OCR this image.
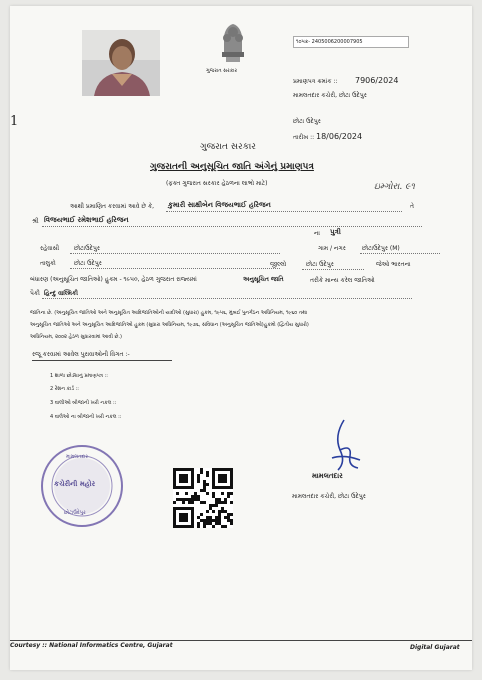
ગુજરાત સરકાર
૧૦૫ક્ર- 2405006200007905
પ્રમાણપત્ર ક્રમાંક :: 7906/2024
મામલતદાર કચેરી, છોટા ઉદેપુર
છોટા ઉદેપુર
તારીખ :: 18/06/2024
1
ગુજરાત સરકાર
ગુજરાતની અનુસૂચિત જાતિ અંગેનું પ્રમાણપત્ર
(ફક્ત ગુજરાત સરકાર હેઠળના લાભો માટે)	ઇમ્ગોરા. ૯૧
આથી પ્રમાણિત કરવામાં આવે છે કે, કુમારી સાક્ષીબેન વિજયભાઈ હરિજન	તે
શ્રી વિજયભાઈ રમેશભાઈ હરિજન
ના પુત્રી
રહેવાસી છોટાઉદેપુર	ગામ / નગર	છોટાઉદેપુર (M)
તાલુકો	છોટા ઉદેપુર	જીલ્લો	છોટા ઉદેપુર	જેઓ ભારતના
બંધારણ (અનુસૂચિત જાતિઓ) હુકમ - ૧૯૫૦, હેઠળ ગુજરાત રાજ્યમાં	અનુસૂચિત જાતિ	તરીકે માન્ય કરેલ જાતિઓ
પૈકી હિન્દુ વાલ્મિકી
જાતિના છે. (અનુસૂચિત જાતિઓ અને અનુસૂચિત આદિજાતિઓની યાદીઓ (સુધારા) હુકમ, ૧૯૫૬, મુંબઈ પુનર્ગઠન અધિનિયમ, ૧૯૬૦ તથા
અનુસૂચિત જાતિઓ અને અનુસૂચિત આદિજાતિઓ હુકમ (સુધારા અધિનિયમ, ૧૯૭૬, સંવિધાન (અનુસૂચિત જાતિઓ)હુકમો (દ્વિતીય સુધારો)
અધિનિયમ, ૨૦૦૨ હેઠળ સુધારવામાં આવી છે.)
રજૂ કરવામાં આવેલ પુરાવાઓની વિગત :-
1 શાળા છોડ્યાનું પ્રમાણપત્ર ::
2 રેશન કાર્ડ ::
3 વાલીઓ બીજાની ખરી નકલ ::
4 વાલેઓ ના બીજાની ખરી નકલ ::
મામલતદાર
કચેરીની મહોર
છોટાઉદેપુર
મામલતદાર
મામલતદાર કચેરી, છોટા ઉદેપુર
Courtesy :: National Informatics Centre, Gujarat	Digital Gujarat
